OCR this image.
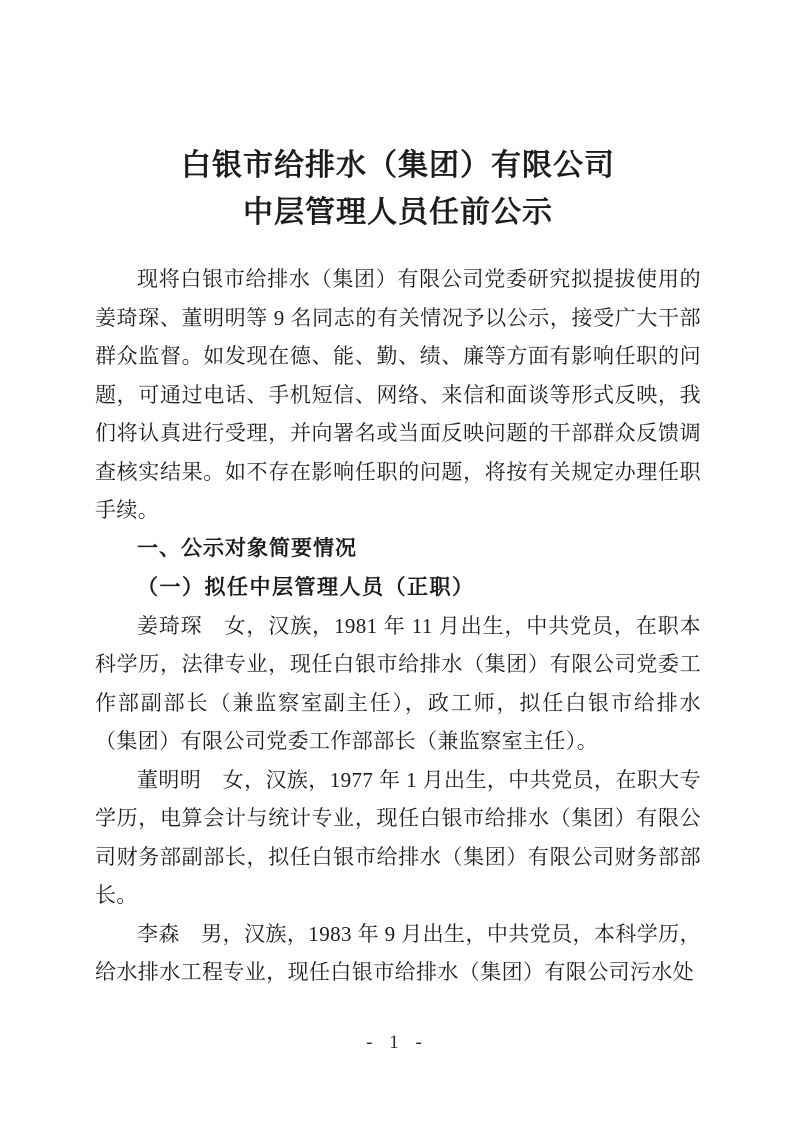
白银市给排水（集团）有限公司
中层管理人员任前公示

现将白银市给排水（集团）有限公司党委研究拟提拔使用的姜琦琛、董明明等 9 名同志的有关情况予以公示，接受广大干部群众监督。如发现在德、能、勤、绩、廉等方面有影响任职的问题，可通过电话、手机短信、网络、来信和面谈等形式反映，我们将认真进行受理，并向署名或当面反映问题的干部群众反馈调查核实结果。如不存在影响任职的问题，将按有关规定办理任职手续。

一、公示对象简要情况
（一）拟任中层管理人员（正职）

姜琦琛　女，汉族，1981 年 11 月出生，中共党员，在职本科学历，法律专业，现任白银市给排水（集团）有限公司党委工作部副部长（兼监察室副主任），政工师，拟任白银市给排水（集团）有限公司党委工作部部长（兼监察室主任）。

董明明　女，汉族，1977 年 1 月出生，中共党员，在职大专学历，电算会计与统计专业，现任白银市给排水（集团）有限公司财务部副部长，拟任白银市给排水（集团）有限公司财务部部长。

李森　男，汉族，1983 年 9 月出生，中共党员，本科学历，给水排水工程专业，现任白银市给排水（集团）有限公司污水处

- 1 -
